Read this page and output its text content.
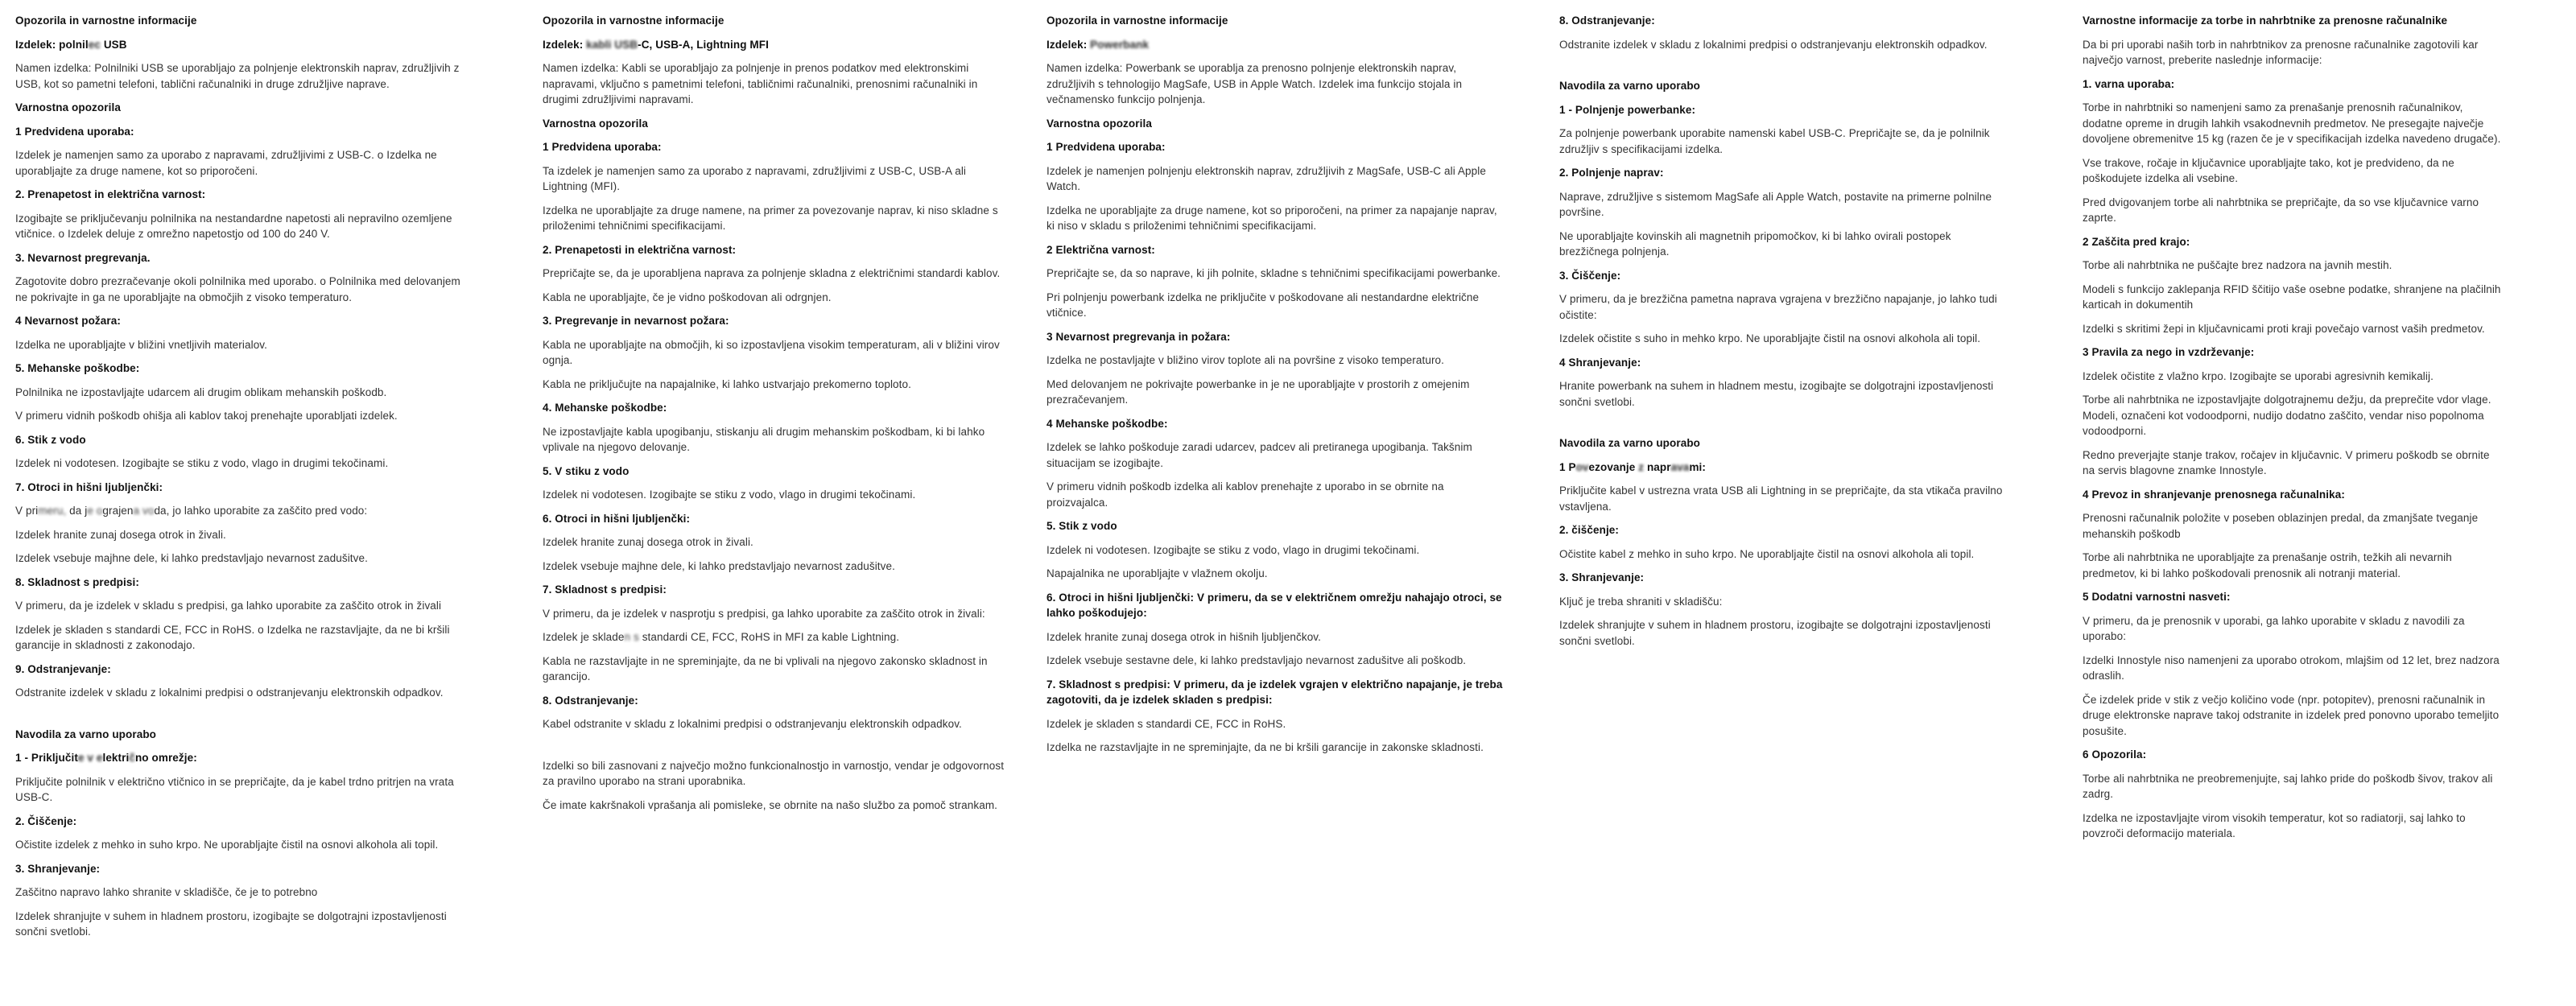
Opozorila in varnostne informacije
Izdelek: polnilec USB
Namen izdelka: Polnilniki USB se uporabljajo za polnjenje elektronskih naprav, združljivih z USB, kot so pametni telefoni, tablični računalniki in druge združljive naprave.
Varnostna opozorila
1 Predvidena uporaba:
Izdelek je namenjen samo za uporabo z napravami, združljivimi z USB-C. o Izdelka ne uporabljajte za druge namene, kot so priporočeni.
2. Prenapetost in električna varnost:
Izogibajte se priključevanju polnilnika na nestandardne napetosti ali nepravilno ozemljene vtičnice. o Izdelek deluje z omrežno napetostjo od 100 do 240 V.
3. Nevarnost pregrevanja.
Zagotovite dobro prezračevanje okoli polnilnika med uporabo. o Polnilnika med delovanjem ne pokrivajte in ga ne uporabljajte na območjih z visoko temperaturo.
4 Nevarnost požara:
Izdelka ne uporabljajte v bližini vnetljivih materialov.
5. Mehanske poškodbe:
Polnilnika ne izpostavljajte udarcem ali drugim oblikam mehanskih poškodb.
V primeru vidnih poškodb ohišja ali kablov takoj prenehajte uporabljati izdelek.
6. Stik z vodo
Izdelek ni vodotesen. Izogibajte se stiku z vodo, vlago in drugimi tekočinami.
7. Otroci in hišni ljubljenčki:
V primeru, da je ograjena voda, jo lahko uporabite za zaščito pred vodo:
Izdelek hranite zunaj dosega otrok in živali.
Izdelek vsebuje majhne dele, ki lahko predstavljajo nevarnost zadušitve.
8. Skladnost s predpisi:
V primeru, da je izdelek v skladu s predpisi, ga lahko uporabite za zaščito otrok in živali
Izdelek je skladen s standardi CE, FCC in RoHS. o Izdelka ne razstavljajte, da ne bi kršili garancije in skladnosti z zakonodajo.
9. Odstranjevanje:
Odstranite izdelek v skladu z lokalnimi predpisi o odstranjevanju elektronskih odpadkov.
Navodila za varno uporabo
1 - Priključite v električno omrežje:
Priključite polnilnik v električno vtičnico in se prepričajte, da je kabel trdno pritrjen na vrata USB-C.
2. Čiščenje:
Očistite izdelek z mehko in suho krpo. Ne uporabljajte čistil na osnovi alkohola ali topil.
3. Shranjevanje:
Zaščitno napravo lahko shranite v skladišče, če je to potrebno
Izdelek shranjujte v suhem in hladnem prostoru, izogibajte se dolgotrajni izpostavljenosti sončni svetlobi.
Opozorila in varnostne informacije
Izdelek: kabli USB-C, USB-A, Lightning MFI
Namen izdelka: Kabli se uporabljajo za polnjenje in prenos podatkov med elektronskimi napravami, vključno s pametnimi telefoni, tabličnimi računalniki, prenosnimi računalniki in drugimi združljivimi napravami.
Varnostna opozorila
1 Predvidena uporaba:
Ta izdelek je namenjen samo za uporabo z napravami, združljivimi z USB-C, USB-A ali Lightning (MFI).
Izdelka ne uporabljajte za druge namene, na primer za povezovanje naprav, ki niso skladne s priloženimi tehničnimi specifikacijami.
2. Prenapetosti in električna varnost:
Prepričajte se, da je uporabljena naprava za polnjenje skladna z električnimi standardi kablov.
Kabla ne uporabljajte, če je vidno poškodovan ali odrgnjen.
3. Pregrevanje in nevarnost požara:
Kabla ne uporabljajte na območjih, ki so izpostavljena visokim temperaturam, ali v bližini virov ognja.
Kabla ne priključujte na napajalnike, ki lahko ustvarjajo prekomerno toploto.
4. Mehanske poškodbe:
Ne izpostavljajte kabla upogibanju, stiskanju ali drugim mehanskim poškodbam, ki bi lahko vplivale na njegovo delovanje.
5. V stiku z vodo
Izdelek ni vodotesen. Izogibajte se stiku z vodo, vlago in drugimi tekočinami.
6. Otroci in hišni ljubljenčki:
Izdelek hranite zunaj dosega otrok in živali.
Izdelek vsebuje majhne dele, ki lahko predstavljajo nevarnost zadušitve.
7. Skladnost s predpisi:
V primeru, da je izdelek v nasprotju s predpisi, ga lahko uporabite za zaščito otrok in živali:
Izdelek je skladen s standardi CE, FCC, RoHS in MFI za kable Lightning.
Kabla ne razstavljajte in ne spreminjajte, da ne bi vplivali na njegovo zakonsko skladnost in garancijo.
8. Odstranjevanje:
Kabel odstranite v skladu z lokalnimi predpisi o odstranjevanju elektronskih odpadkov.
Izdelki so bili zasnovani z največjo možno funkcionalnostjo in varnostjo, vendar je odgovornost za pravilno uporabo na strani uporabnika.
Če imate kakršnakoli vprašanja ali pomisleke, se obrnite na našo službo za pomoč strankam.
Opozorila in varnostne informacije
Izdelek: Powerbank
Namen izdelka: Powerbank se uporablja za prenosno polnjenje elektronskih naprav, združljivih s tehnologijo MagSafe, USB in Apple Watch. Izdelek ima funkcijo stojala in večnamensko funkcijo polnjenja.
Varnostna opozorila
1 Predvidena uporaba:
Izdelek je namenjen polnjenju elektronskih naprav, združljivih z MagSafe, USB-C ali Apple Watch.
Izdelka ne uporabljajte za druge namene, kot so priporočeni, na primer za napajanje naprav, ki niso v skladu s priloženimi tehničnimi specifikacijami.
2 Električna varnost:
Prepričajte se, da so naprave, ki jih polnite, skladne s tehničnimi specifikacijami powerbanke.
Pri polnjenju powerbank izdelka ne priključite v poškodovane ali nestandardne električne vtičnice.
3 Nevarnost pregrevanja in požara:
Izdelka ne postavljajte v bližino virov toplote ali na površine z visoko temperaturo.
Med delovanjem ne pokrivajte powerbanke in je ne uporabljajte v prostorih z omejenim prezračevanjem.
4 Mehanske poškodbe:
Izdelek se lahko poškoduje zaradi udarcev, padcev ali pretiranega upogibanja. Takšnim situacijam se izogibajte.
V primeru vidnih poškodb izdelka ali kablov prenehajte z uporabo in se obrnite na proizvajalca.
5. Stik z vodo
Izdelek ni vodotesen. Izogibajte se stiku z vodo, vlago in drugimi tekočinami.
Napajalnika ne uporabljajte v vlažnem okolju.
6. Otroci in hišni ljubljenčki: V primeru, da se v električnem omrežju nahajajo otroci, se lahko poškodujejo:
Izdelek hranite zunaj dosega otrok in hišnih ljubljenčkov.
Izdelek vsebuje sestavne dele, ki lahko predstavljajo nevarnost zadušitve ali poškodb.
7. Skladnost s predpisi: V primeru, da je izdelek vgrajen v električno napajanje, je treba zagotoviti, da je izdelek skladen s predpisi:
Izdelek je skladen s standardi CE, FCC in RoHS.
Izdelka ne razstavljajte in ne spreminjajte, da ne bi kršili garancije in zakonske skladnosti.
8. Odstranjevanje:
Odstranite izdelek v skladu z lokalnimi predpisi o odstranjevanju elektronskih odpadkov.
Navodila za varno uporabo
1 - Polnjenje powerbanke:
Za polnjenje powerbank uporabite namenski kabel USB-C. Prepričajte se, da je polnilnik združljiv s specifikacijami izdelka.
2. Polnjenje naprav:
Naprave, združljive s sistemom MagSafe ali Apple Watch, postavite na primerne polnilne površine.
Ne uporabljajte kovinskih ali magnetnih pripomočkov, ki bi lahko ovirali postopek brezžičnega polnjenja.
3. Čiščenje:
V primeru, da je brezžična pametna naprava vgrajena v brezžično napajanje, jo lahko tudi očistite:
Izdelek očistite s suho in mehko krpo. Ne uporabljajte čistil na osnovi alkohola ali topil.
4 Shranjevanje:
Hranite powerbank na suhem in hladnem mestu, izogibajte se dolgotrajni izpostavljenosti sončni svetlobi.
Navodila za varno uporabo
1 Povezovanje z napravami:
Priključite kabel v ustrezna vrata USB ali Lightning in se prepričajte, da sta vtikača pravilno vstavljena.
2. čiščenje:
Očistite kabel z mehko in suho krpo. Ne uporabljajte čistil na osnovi alkohola ali topil.
3. Shranjevanje:
Ključ je treba shraniti v skladišču:
Izdelek shranjujte v suhem in hladnem prostoru, izogibajte se dolgotrajni izpostavljenosti sončni svetlobi.
Varnostne informacije za torbe in nahrbtnike za prenosne računalnike
Da bi pri uporabi naših torb in nahrbtnikov za prenosne računalnike zagotovili kar največjo varnost, preberite naslednje informacije:
1. varna uporaba:
Torbe in nahrbtniki so namenjeni samo za prenašanje prenosnih računalnikov, dodatne opreme in drugih lahkih vsakodnevnih predmetov. Ne presegajte največje dovoljene obremenitve 15 kg (razen če je v specifikacijah izdelka navedeno drugače).
Vse trakove, ročaje in ključavnice uporabljajte tako, kot je predvideno, da ne poškodujete izdelka ali vsebine.
Pred dvigovanjem torbe ali nahrbtnika se prepričajte, da so vse ključavnice varno zaprte.
2 Zaščita pred krajo:
Torbe ali nahrbtnika ne puščajte brez nadzora na javnih mestih.
Modeli s funkcijo zaklepanja RFID ščitijo vaše osebne podatke, shranjene na plačilnih karticah in dokumentih
Izdelki s skritimi žepi in ključavnicami proti kraji povečajo varnost vaših predmetov.
3 Pravila za nego in vzdrževanje:
Izdelek očistite z vlažno krpo. Izogibajte se uporabi agresivnih kemikalij.
Torbe ali nahrbtnika ne izpostavljajte dolgotrajnemu dežju, da preprečite vdor vlage. Modeli, označeni kot vodoodporni, nudijo dodatno zaščito, vendar niso popolnoma vodoodporni.
Redno preverjajte stanje trakov, ročajev in ključavnic. V primeru poškodb se obrnite na servis blagovne znamke Innostyle.
4 Prevoz in shranjevanje prenosnega računalnika:
Prenosni računalnik položite v poseben oblazinjen predal, da zmanjšate tveganje mehanskih poškodb
Torbe ali nahrbtnika ne uporabljajte za prenašanje ostrih, težkih ali nevarnih predmetov, ki bi lahko poškodovali prenosnik ali notranji material.
5 Dodatni varnostni nasveti:
V primeru, da je prenosnik v uporabi, ga lahko uporabite v skladu z navodili za uporabo:
Izdelki Innostyle niso namenjeni za uporabo otrokom, mlajšim od 12 let, brez nadzora odraslih.
Če izdelek pride v stik z večjo količino vode (npr. potopitev), prenosni računalnik in druge elektronske naprave takoj odstranite in izdelek pred ponovno uporabo temeljito posušite.
6 Opozorila:
Torbe ali nahrbtnika ne preobremenjujte, saj lahko pride do poškodb šivov, trakov ali zadrg.
Izdelka ne izpostavljajte virom visokih temperatur, kot so radiatorji, saj lahko to povzroči deformacijo materiala.
